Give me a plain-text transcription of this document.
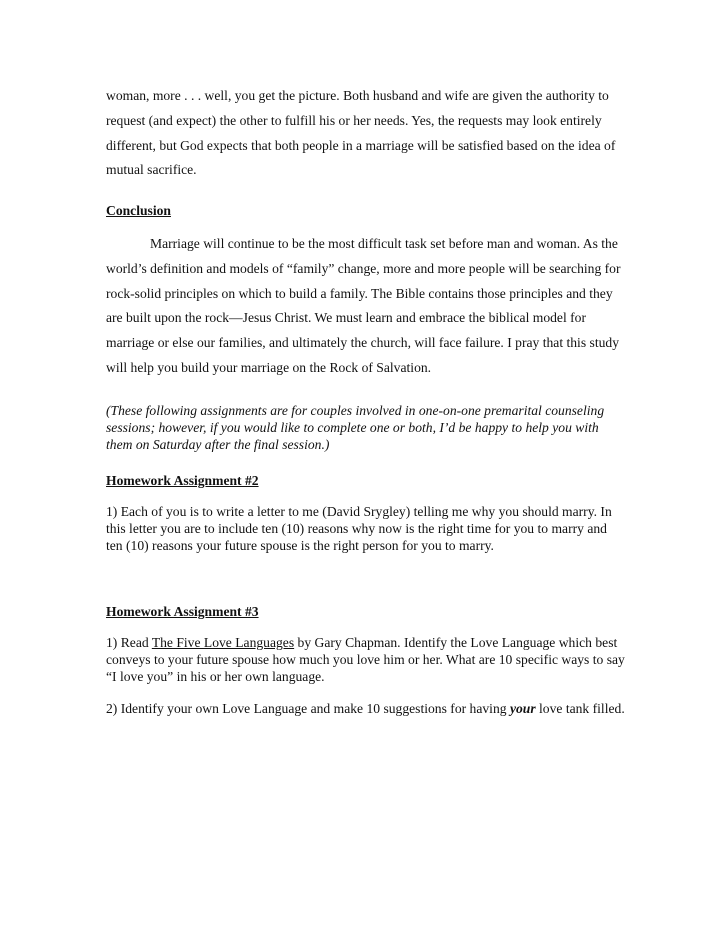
woman, more . . . well, you get the picture. Both husband and wife are given the authority to request (and expect) the other to fulfill his or her needs. Yes, the requests may look entirely different, but God expects that both people in a marriage will be satisfied based on the idea of mutual sacrifice.

Conclusion

Marriage will continue to be the most difficult task set before man and woman. As the world’s definition and models of “family” change, more and more people will be searching for rock-solid principles on which to build a family. The Bible contains those principles and they are built upon the rock—Jesus Christ. We must learn and embrace the biblical model for marriage or else our families, and ultimately the church, will face failure. I pray that this study will help you build your marriage on the Rock of Salvation.

(These following assignments are for couples involved in one-on-one premarital counseling sessions; however, if you would like to complete one or both, I’d be happy to help you with them on Saturday after the final session.)

Homework Assignment #2

1) Each of you is to write a letter to me (David Srygley) telling me why you should marry. In this letter you are to include ten (10) reasons why now is the right time for you to marry and ten (10) reasons your future spouse is the right person for you to marry.

Homework Assignment #3

1) Read The Five Love Languages by Gary Chapman. Identify the Love Language which best conveys to your future spouse how much you love him or her. What are 10 specific ways to say “I love you” in his or her own language.

2) Identify your own Love Language and make 10 suggestions for having your love tank filled.
